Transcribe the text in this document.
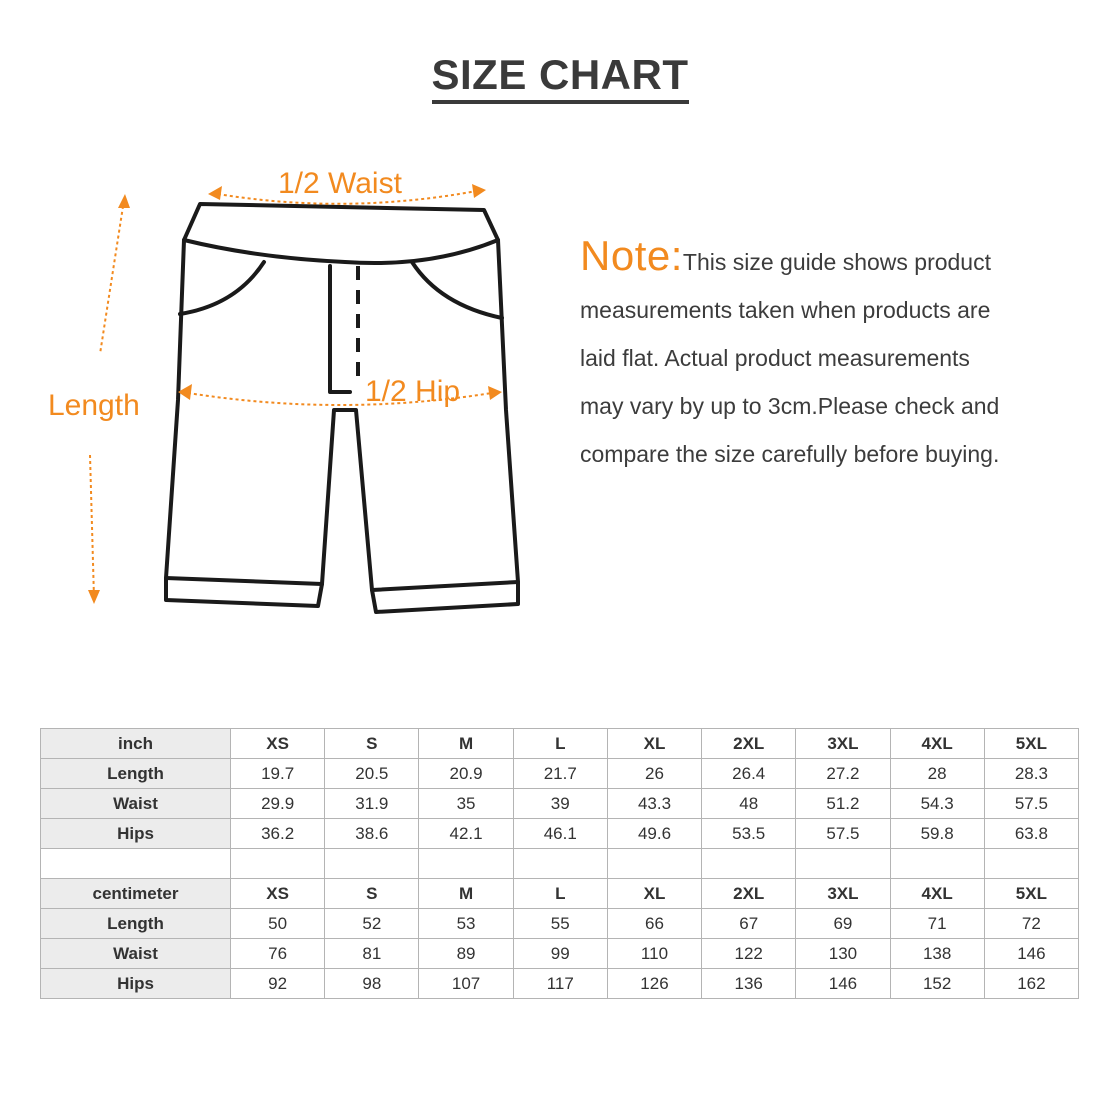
SIZE CHART
1/2 Waist
1/2 Hip
Length
Note:This size guide shows product
measurements taken when products are
laid flat. Actual product measurements
may vary by up to 3cm.Please check and
compare the size carefully before buying.
inch	XS	S	M	L	XL	2XL	3XL	4XL	5XL
Length	19.7	20.5	20.9	21.7	26	26.4	27.2	28	28.3
Waist	29.9	31.9	35	39	43.3	48	51.2	54.3	57.5
Hips	36.2	38.6	42.1	46.1	49.6	53.5	57.5	59.8	63.8

centimeter	XS	S	M	L	XL	2XL	3XL	4XL	5XL
Length	50	52	53	55	66	67	69	71	72
Waist	76	81	89	99	110	122	130	138	146
Hips	92	98	107	117	126	136	146	152	162
